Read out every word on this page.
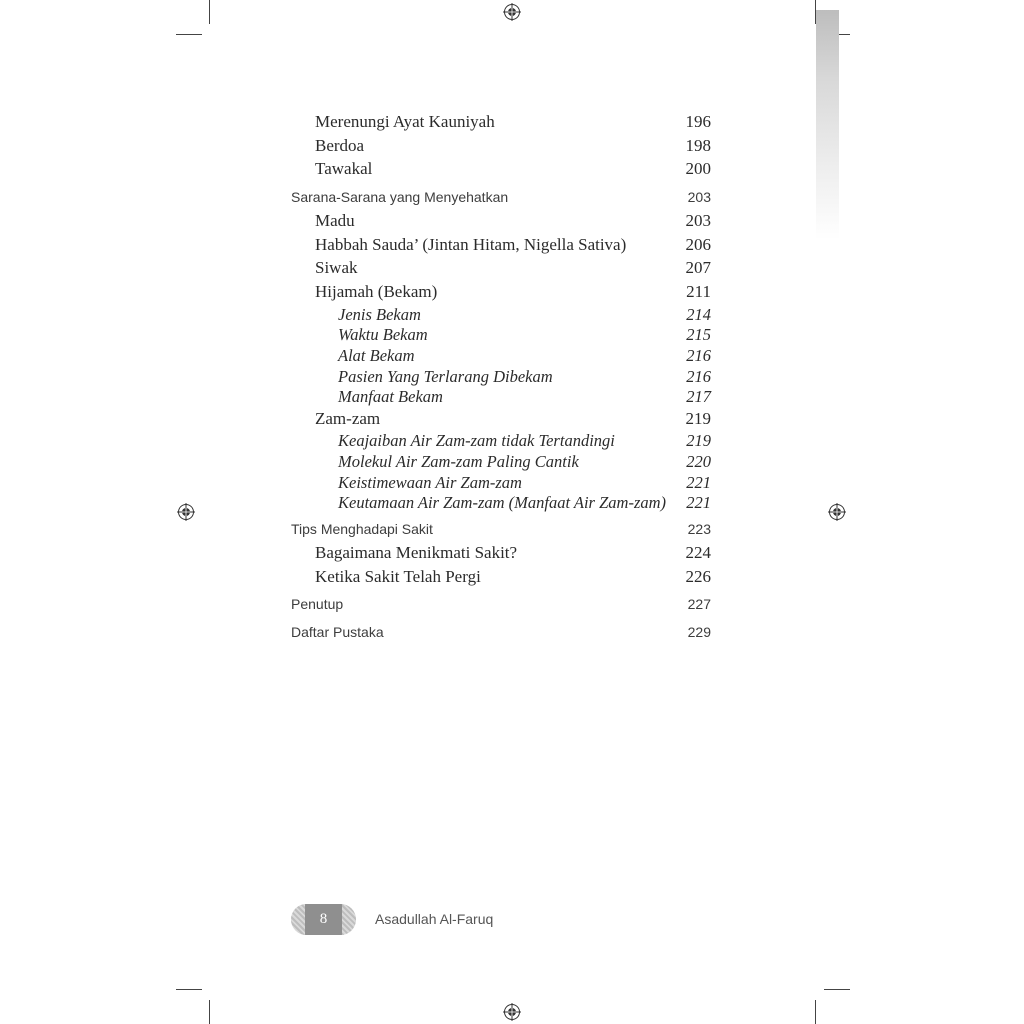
Merenungi Ayat Kauniyah	196
Berdoa	198
Tawakal	200
Sarana-Sarana yang Menyehatkan	203
Madu	203
Habbah Sauda’ (Jintan Hitam, Nigella Sativa)	206
Siwak	207
Hijamah (Bekam)	211
Jenis Bekam	214
Waktu Bekam	215
Alat Bekam	216
Pasien Yang Terlarang Dibekam	216
Manfaat Bekam	217
Zam-zam	219
Keajaiban Air Zam-zam tidak Tertandingi	219
Molekul Air Zam-zam Paling Cantik	220
Keistimewaan Air Zam-zam	221
Keutamaan Air Zam-zam (Manfaat Air Zam-zam) 221
Tips Menghadapi Sakit	223
Bagaimana Menikmati Sakit?	224
Ketika Sakit Telah Pergi	226
Penutup	227
Daftar Pustaka	229
8	Asadullah Al-Faruq
